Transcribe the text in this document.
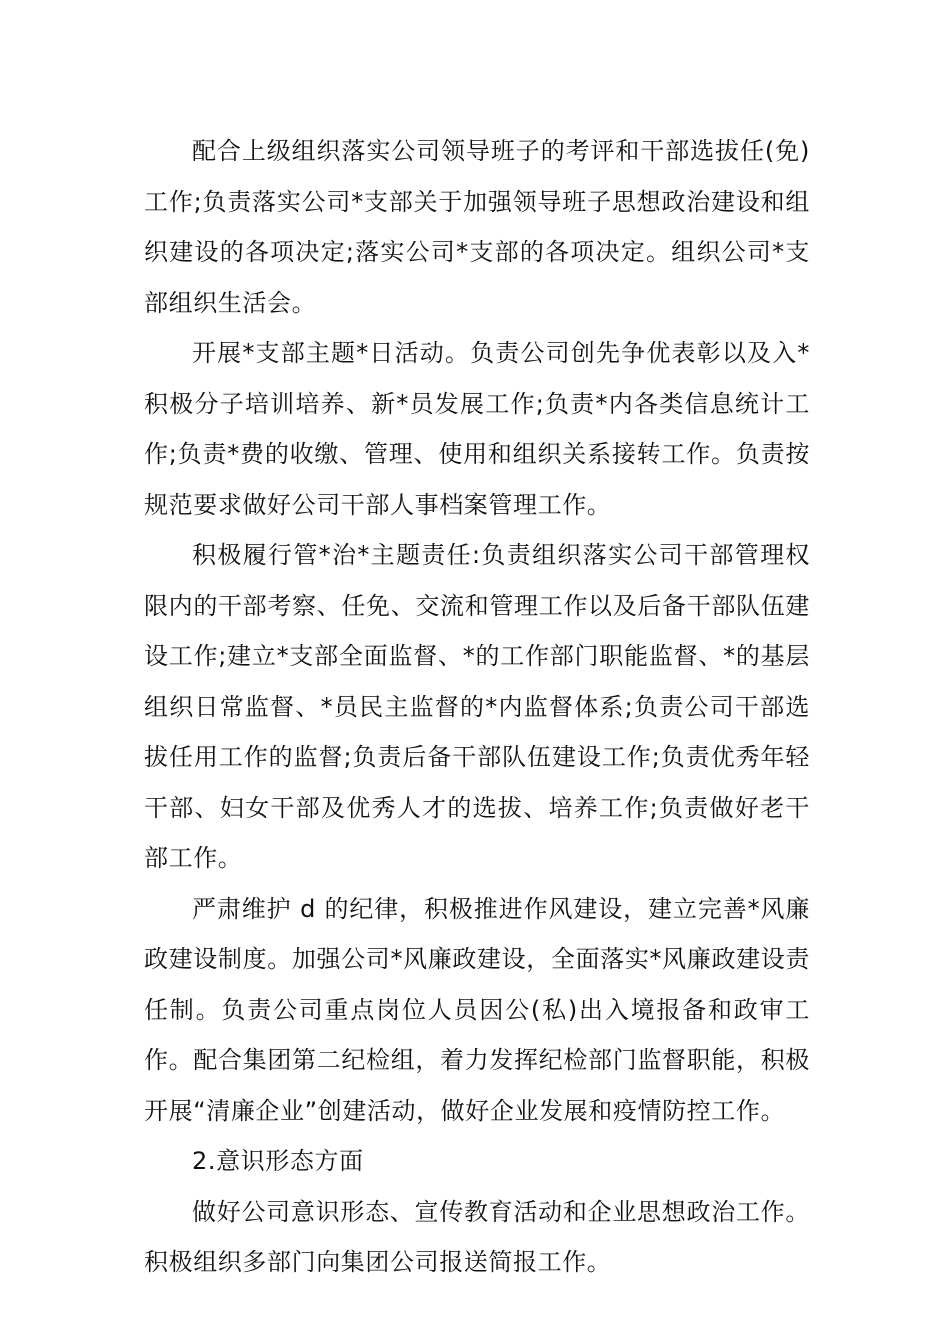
配合上级组织落实公司领导班子的考评和干部选拔任(免)工作;负责落实公司*支部关于加强领导班子思想政治建设和组织建设的各项决定;落实公司*支部的各项决定。组织公司*支部组织生活会。

开展*支部主题*日活动。负责公司创先争优表彰以及入*积极分子培训培养、新*员发展工作;负责*内各类信息统计工作;负责*费的收缴、管理、使用和组织关系接转工作。负责按规范要求做好公司干部人事档案管理工作。

积极履行管*治*主题责任:负责组织落实公司干部管理权限内的干部考察、任免、交流和管理工作以及后备干部队伍建设工作;建立*支部全面监督、*的工作部门职能监督、*的基层组织日常监督、*员民主监督的*内监督体系;负责公司干部选拔任用工作的监督;负责后备干部队伍建设工作;负责优秀年轻干部、妇女干部及优秀人才的选拔、培养工作;负责做好老干部工作。

严肃维护 d 的纪律，积极推进作风建设，建立完善*风廉政建设制度。加强公司*风廉政建设，全面落实*风廉政建设责任制。负责公司重点岗位人员因公(私)出入境报备和政审工作。配合集团第二纪检组，着力发挥纪检部门监督职能，积极开展“清廉企业”创建活动，做好企业发展和疫情防控工作。

2.意识形态方面

做好公司意识形态、宣传教育活动和企业思想政治工作。积极组织多部门向集团公司报送简报工作。
